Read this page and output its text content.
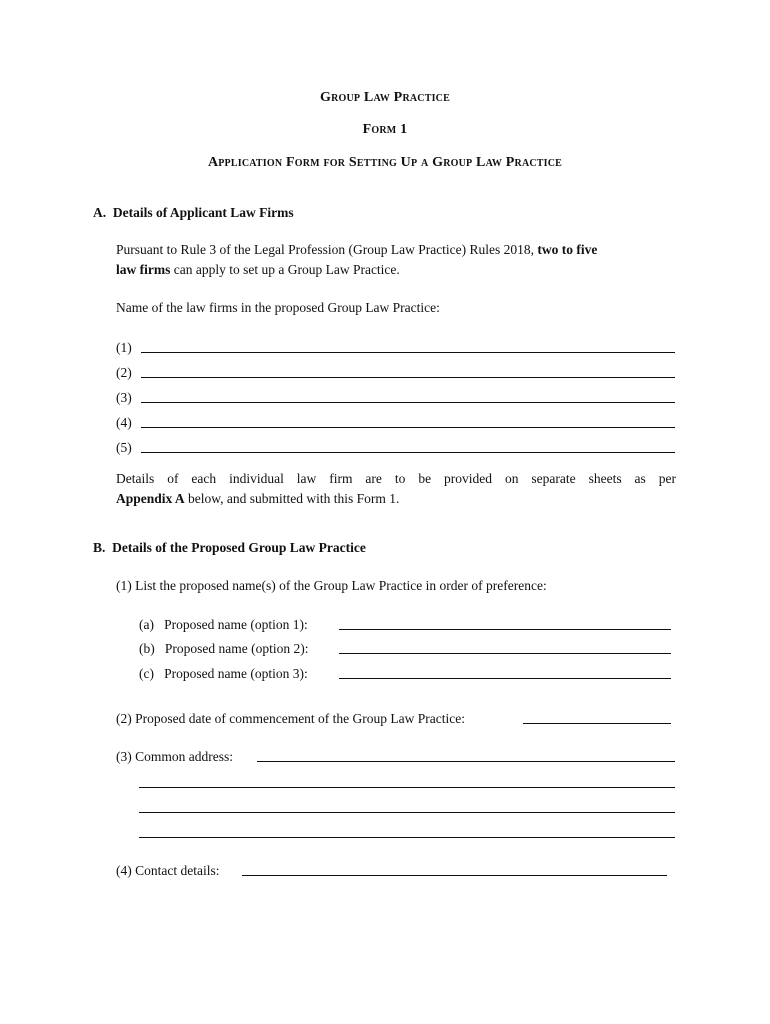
Group Law Practice
Form 1
Application Form for Setting Up a Group Law Practice
A.  Details of Applicant Law Firms
Pursuant to Rule 3 of the Legal Profession (Group Law Practice) Rules 2018, two to five
law firms can apply to set up a Group Law Practice.
Name of the law firms in the proposed Group Law Practice:
(1)
(2)
(3)
(4)
(5)
Details of each individual law firm are to be provided on separate sheets as per
Appendix A below, and submitted with this Form 1.
B.  Details of the Proposed Group Law Practice
(1) List the proposed name(s) of the Group Law Practice in order of preference:
(a)   Proposed name (option 1):
(b)   Proposed name (option 2):
(c)   Proposed name (option 3):
(2) Proposed date of commencement of the Group Law Practice:
(3) Common address:
(4) Contact details:
